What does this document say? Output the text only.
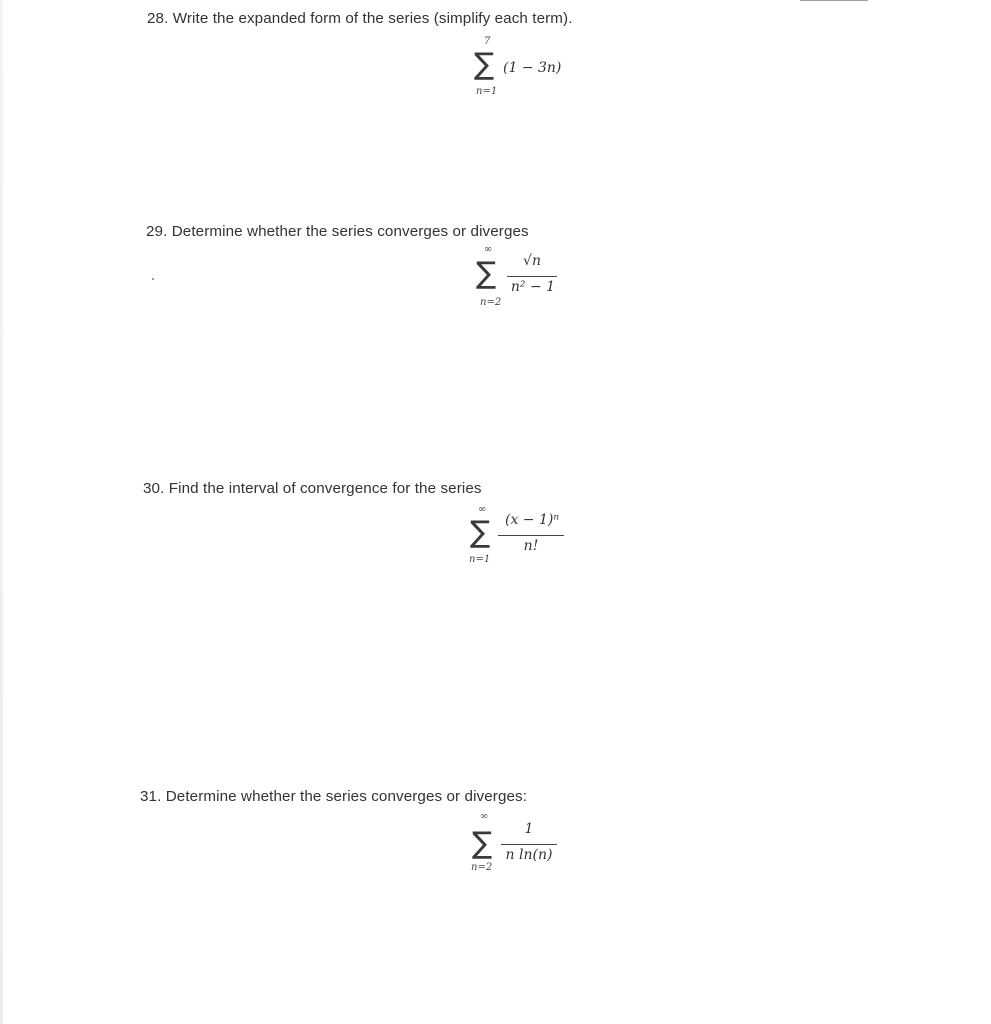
28. Write the expanded form of the series (simplify each term).
7
∑ (1 − 3n)
n=1
29. Determine whether the series converges or diverges
∞
∑	√n
n² − 1
n=2
30. Find the interval of convergence for the series
∞
∑	(x − 1)ⁿ
n!
n=1
31. Determine whether the series converges or diverges:
∞
∑	1
n ln(n)
n=2
